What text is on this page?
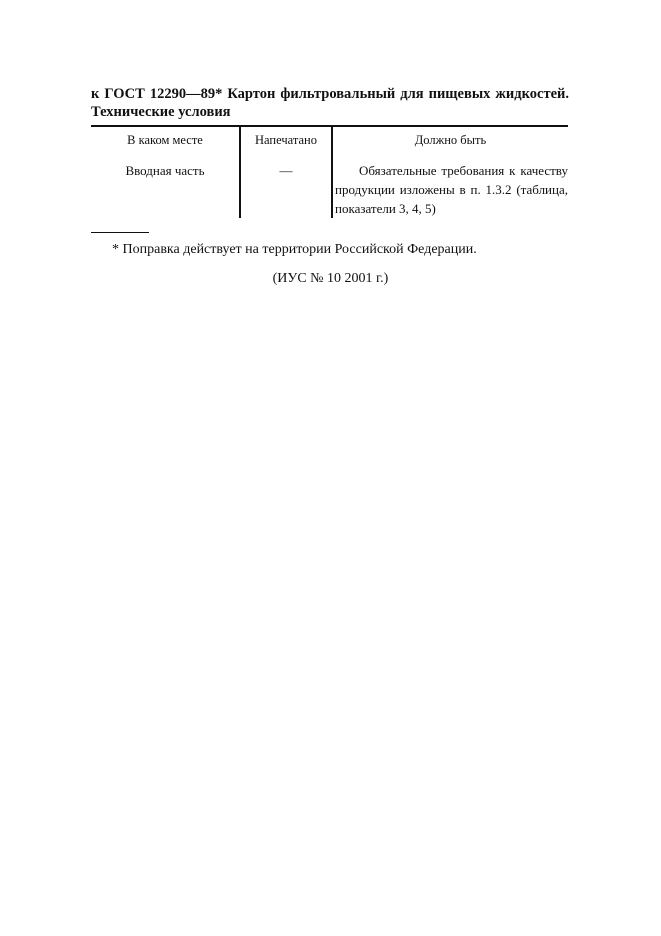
к ГОСТ 12290—89* Картон фильтровальный для пищевых жидкостей. Технические условия
В каком месте	Напечатано	Должно быть
Вводная часть	—	Обязательные требования к качеству продукции изложены в п. 1.3.2 (таблица, показатели 3, 4, 5)
* Поправка действует на территории Российской Федерации.
(ИУС № 10 2001 г.)
